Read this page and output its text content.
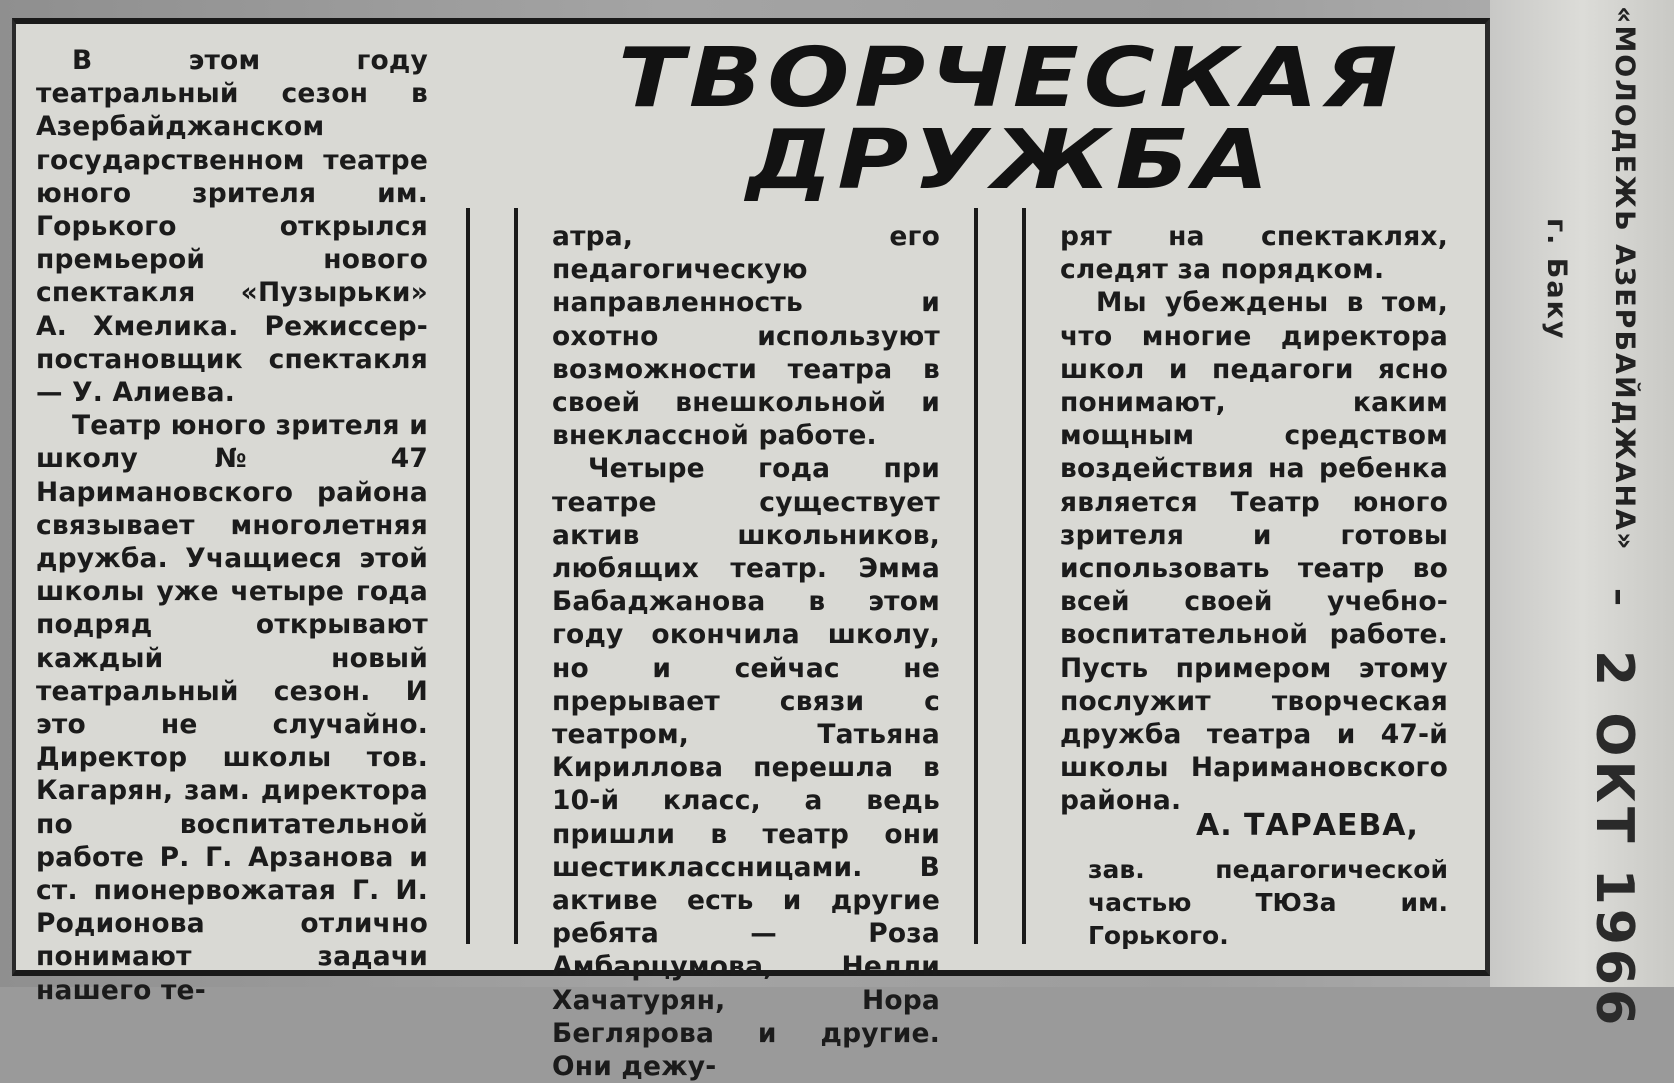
ТВОРЧЕСКАЯ
ДРУЖБА

В этом году театральный сезон в Азербайджанском государственном театре юного зрителя им. Горького открылся премьерой нового спектакля «Пузырьки» А. Хмелика. Режиссер-постановщик спектакля — У. Алиева.

Театр юного зрителя и школу № 47 Наримановского района связывает многолетняя дружба. Учащиеся этой школы уже четыре года подряд открывают каждый новый театральный сезон. И это не случайно. Директор школы тов. Кагарян, зам. директора по воспитательной работе Р. Г. Арзанова и ст. пионервожатая Г. И. Родионова отлично понимают задачи нашего те-

атра, его педагогическую направленность и охотно используют возможности театра в своей внешкольной и внеклассной работе.

Четыре года при театре существует актив школьников, любящих театр. Эмма Бабаджанова в этом году окончила школу, но и сейчас не прерывает связи с театром, Татьяна Кириллова перешла в 10-й класс, а ведь пришли в театр они шестиклассницами. В активе есть и другие ребята — Роза Амбарцумова, Нелли Хачатурян, Нора Беглярова и другие. Они дежу-

рят на спектаклях, следят за порядком.

Мы убеждены в том, что многие директора школ и педагоги ясно понимают, каким мощным средством воздействия на ребенка является Театр юного зрителя и готовы использовать театр во всей своей учебно-воспитательной работе. Пусть примером этому послужит творческая дружба театра и 47-й школы Наримановского района.

А. ТАРАЕВА,
зав. педагогической частью ТЮЗа им. Горького.
«МОЛОДЕЖЬ АЗЕРБАЙДЖАНА»
г. Баку
–
2 ОКТ 1966
